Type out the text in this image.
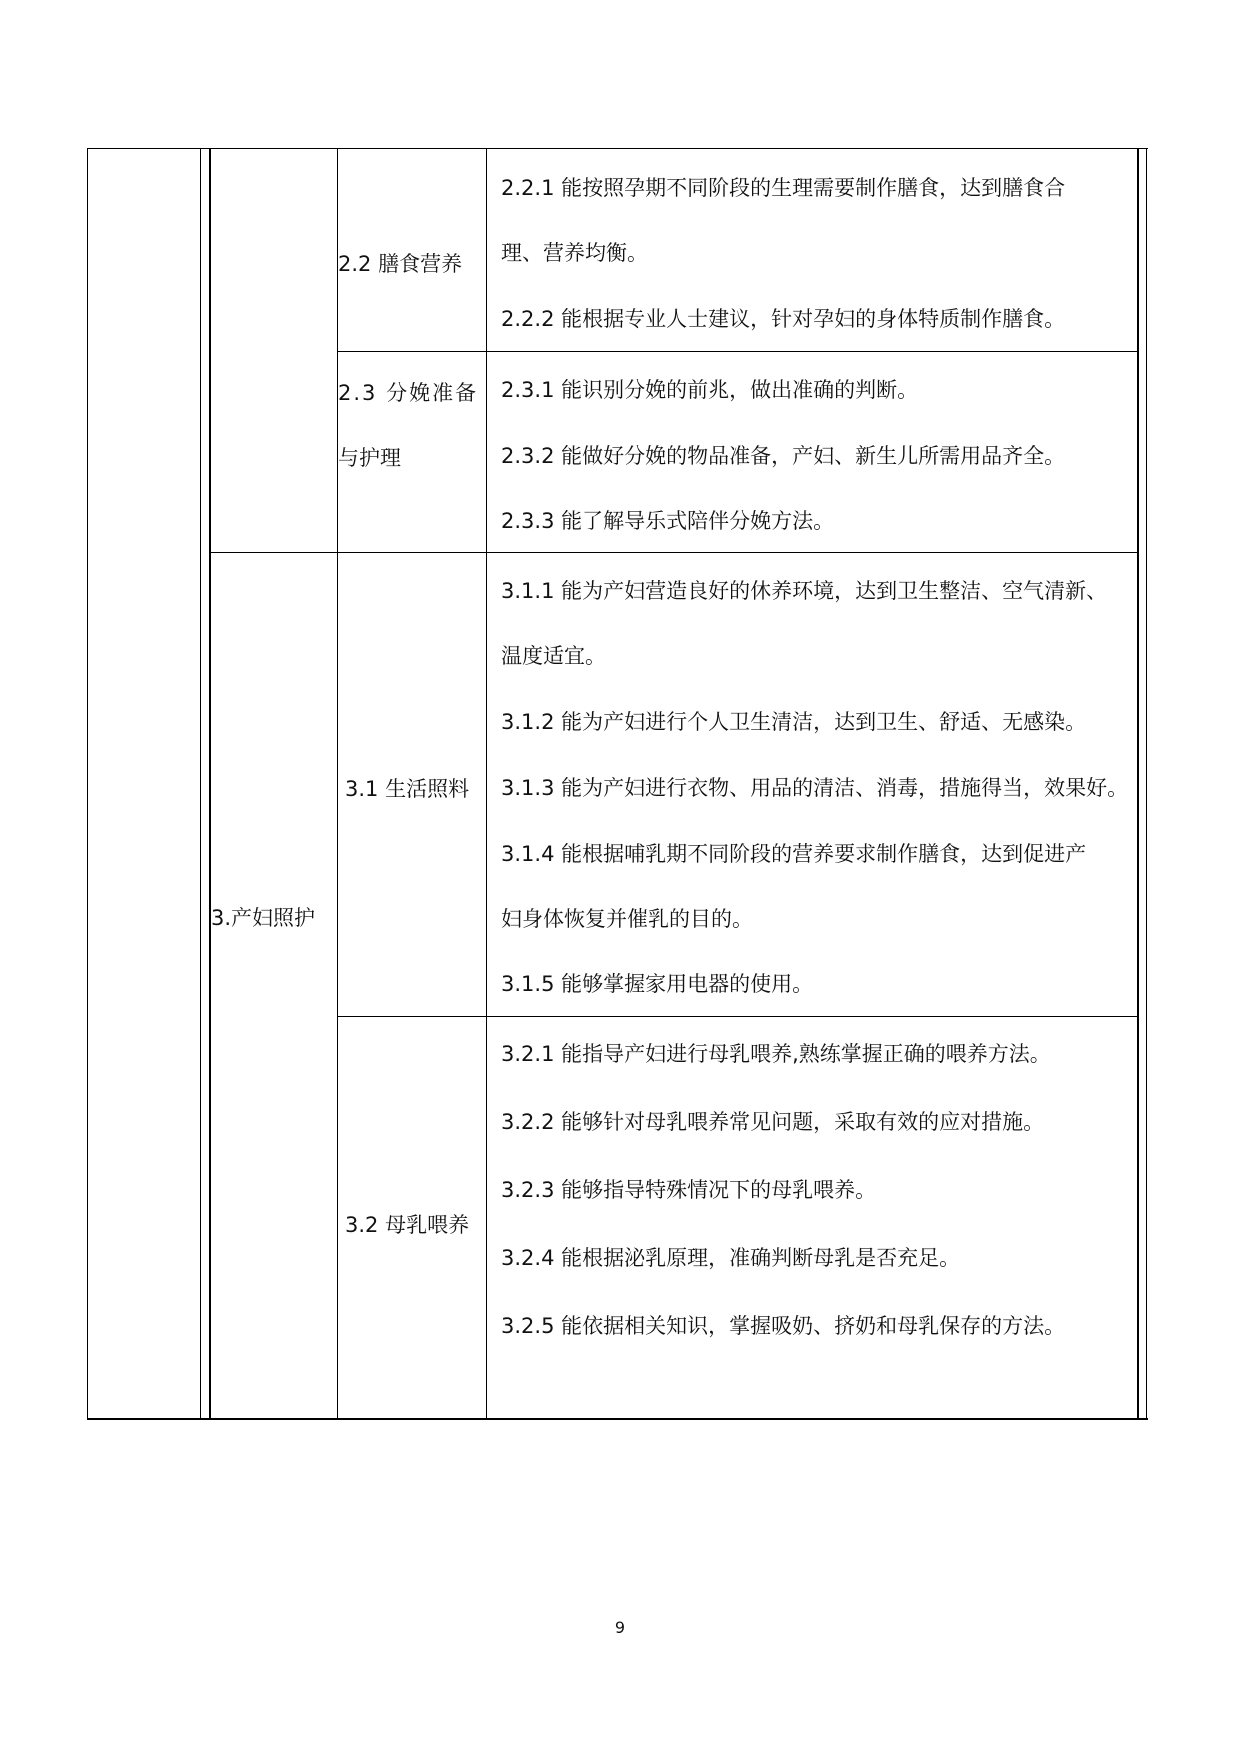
2.2 膳食营养
2.2.1 能按照孕期不同阶段的生理需要制作膳食，达到膳食合
理、营养均衡。
2.2.2 能根据专业人士建议，针对孕妇的身体特质制作膳食。
2.3 分娩准备
与护理
2.3.1 能识别分娩的前兆，做出准确的判断。
2.3.2 能做好分娩的物品准备，产妇、新生儿所需用品齐全。
2.3.3 能了解导乐式陪伴分娩方法。
3.产妇照护
3.1 生活照料
3.1.1 能为产妇营造良好的休养环境，达到卫生整洁、空气清新、
温度适宜。
3.1.2 能为产妇进行个人卫生清洁，达到卫生、舒适、无感染。
3.1.3 能为产妇进行衣物、用品的清洁、消毒，措施得当，效果好。
3.1.4 能根据哺乳期不同阶段的营养要求制作膳食，达到促进产
妇身体恢复并催乳的目的。
3.1.5 能够掌握家用电器的使用。
3.2 母乳喂养
3.2.1 能指导产妇进行母乳喂养,熟练掌握正确的喂养方法。
3.2.2 能够针对母乳喂养常见问题，采取有效的应对措施。
3.2.3 能够指导特殊情况下的母乳喂养。
3.2.4 能根据泌乳原理，准确判断母乳是否充足。
3.2.5 能依据相关知识，掌握吸奶、挤奶和母乳保存的方法。
9
